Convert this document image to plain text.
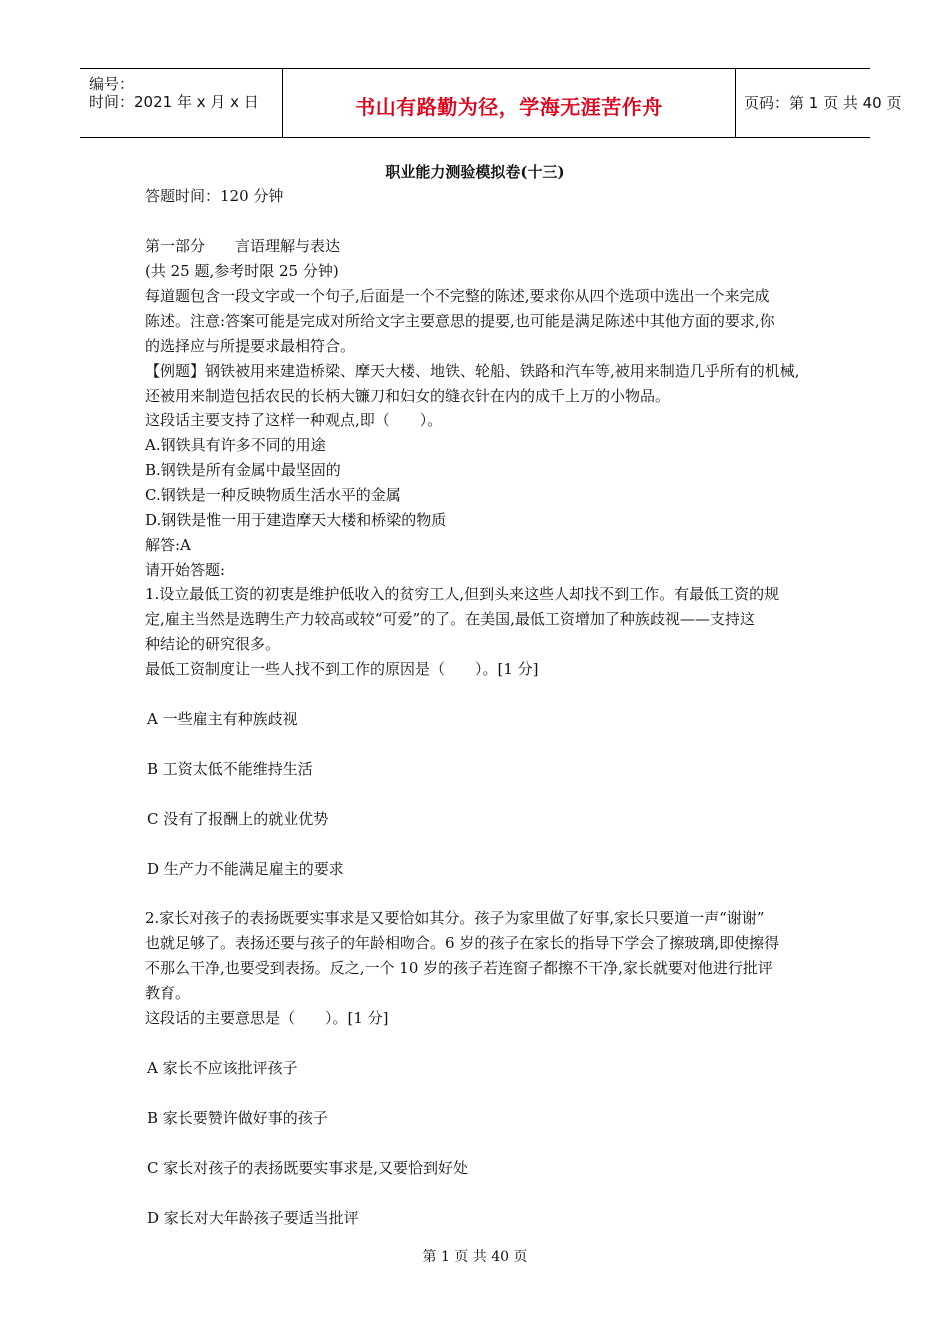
编号：
时间：2021 年 x 月 x 日	书山有路勤为径，学海无涯苦作舟	页码：第 1 页 共 40 页
职业能力测验模拟卷(十三)
答题时间：120 分钟
第一部分　　言语理解与表达
(共 25 题,参考时限 25 分钟)
每道题包含一段文字或一个句子,后面是一个不完整的陈述,要求你从四个选项中选出一个来完成
陈述。注意:答案可能是完成对所给文字主要意思的提要,也可能是满足陈述中其他方面的要求,你
的选择应与所提要求最相符合。
【例题】钢铁被用来建造桥梁、摩天大楼、地铁、轮船、铁路和汽车等,被用来制造几乎所有的机械,
还被用来制造包括农民的长柄大镰刀和妇女的缝衣针在内的成千上万的小物品。
这段话主要支持了这样一种观点,即（　　）。
A.钢铁具有许多不同的用途
B.钢铁是所有金属中最坚固的
C.钢铁是一种反映物质生活水平的金属
D.钢铁是惟一用于建造摩天大楼和桥梁的物质
解答:A
请开始答题:
1.设立最低工资的初衷是维护低收入的贫穷工人,但到头来这些人却找不到工作。有最低工资的规
定,雇主当然是选聘生产力较高或较“可爱”的了。在美国,最低工资增加了种族歧视——支持这
种结论的研究很多。
最低工资制度让一些人找不到工作的原因是（　　）。[1 分]
A 一些雇主有种族歧视
B 工资太低不能维持生活
C 没有了报酬上的就业优势
D 生产力不能满足雇主的要求
2.家长对孩子的表扬既要实事求是又要恰如其分。孩子为家里做了好事,家长只要道一声“谢谢”
也就足够了。表扬还要与孩子的年龄相吻合。6 岁的孩子在家长的指导下学会了擦玻璃,即使擦得
不那么干净,也要受到表扬。反之,一个 10 岁的孩子若连窗子都擦不干净,家长就要对他进行批评
教育。
这段话的主要意思是（　　）。[1 分]
A 家长不应该批评孩子
B 家长要赞许做好事的孩子
C 家长对孩子的表扬既要实事求是,又要恰到好处
D 家长对大年龄孩子要适当批评
第 1 页 共 40 页
